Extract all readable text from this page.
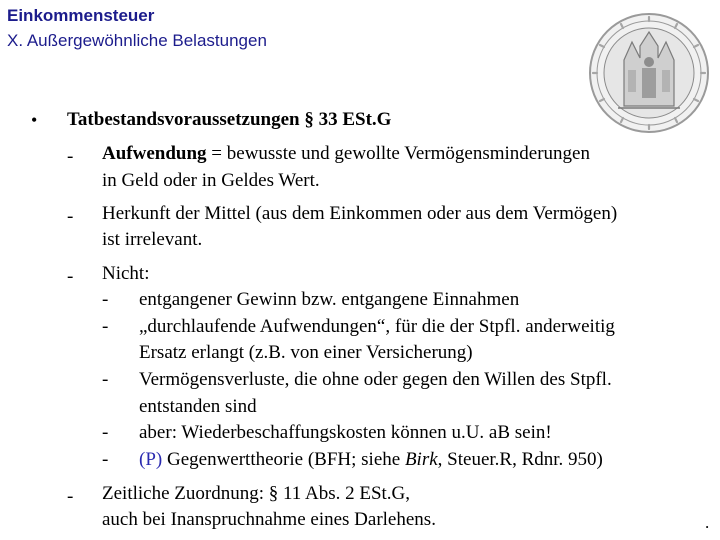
Einkommensteuer
X. Außergewöhnliche Belastungen
• Tatbestandsvoraussetzungen § 33 ESt.G
- Aufwendung = bewusste und gewollte Vermögensminderungen
in Geld oder in Geldes Wert.
- Herkunft der Mittel (aus dem Einkommen oder aus dem Vermögen)
ist irrelevant.
- Nicht:
- entgangener Gewinn bzw. entgangene Einnahmen
- „durchlaufende Aufwendungen“, für die der Stpfl. anderweitig
Ersatz erlangt (z.B. von einer Versicherung)
- Vermögensverluste, die ohne oder gegen den Willen des Stpfl.
entstanden sind
- aber: Wiederbeschaffungskosten können u.U. aB sein!
- (P) Gegenwerttheorie (BFH; siehe Birk, Steuer.R, Rdnr. 950)
- Zeitliche Zuordnung: § 11 Abs. 2 ESt.G,
auch bei Inanspruchnahme eines Darlehens.	.
